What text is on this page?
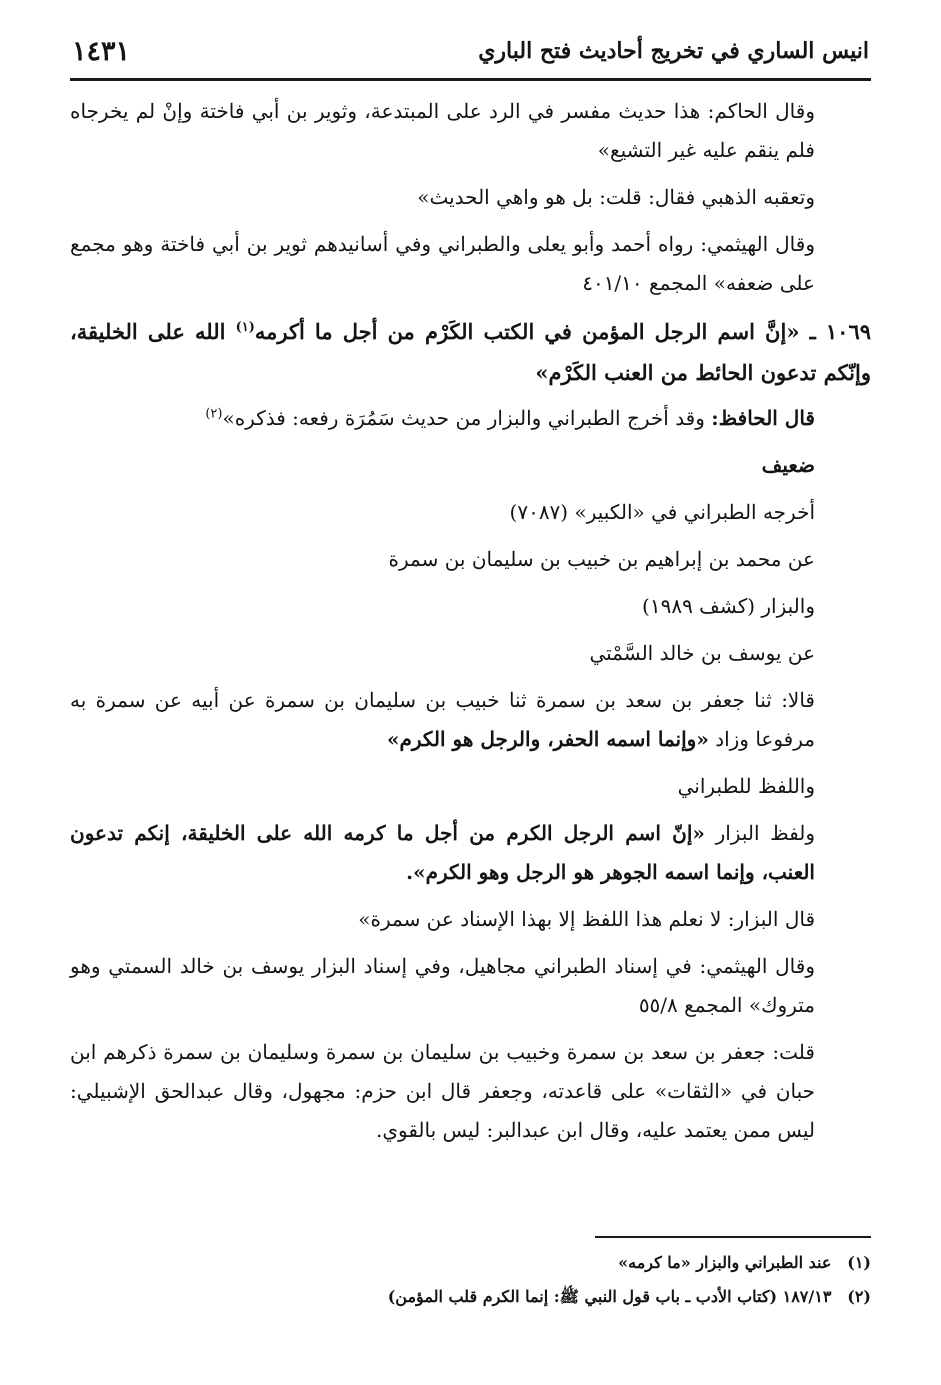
انيس الساري في تخريج أحاديث فتح الباري
١٤٣١

وقال الحاكم: هذا حديث مفسر في الرد على المبتدعة، وثوير بن أبي فاختة وإنْ لم يخرجاه فلم ينقم عليه غير التشيع»

وتعقبه الذهبي فقال: قلت: بل هو واهي الحديث»

وقال الهيثمي: رواه أحمد وأبو يعلى والطبراني وفي أسانيدهم ثوير بن أبي فاختة وهو مجمع على ضعفه» المجمع ٤٠١/١٠

١٠٦٩ ـ «إنَّ اسم الرجل المؤمن في الكتب الكَرْم من أجل ما أكرمه$^{(١)}$ الله على الخليقة، وإنّكم تدعون الحائط من العنب الكَرْم»

قال الحافظ: وقد أخرج الطبراني والبزار من حديث سَمُرَة رفعه: فذكره»$^{(٢)}$

ضعيف

أخرجه الطبراني في «الكبير» (٧٠٨٧)

عن محمد بن إبراهيم بن خبيب بن سليمان بن سمرة

والبزار (كشف ١٩٨٩)

عن يوسف بن خالد السَّمْتي

قالا: ثنا جعفر بن سعد بن سمرة ثنا خبيب بن سليمان بن سمرة عن أبيه عن سمرة به مرفوعا وزاد «وإنما اسمه الحفر، والرجل هو الكرم»

واللفظ للطبراني

ولفظ البزار «إنّ اسم الرجل الكرم من أجل ما كرمه الله على الخليقة، إنكم تدعون العنب، وإنما اسمه الجوهر هو الرجل وهو الكرم».

قال البزار: لا نعلم هذا اللفظ إلا بهذا الإسناد عن سمرة»

وقال الهيثمي: في إسناد الطبراني مجاهيل، وفي إسناد البزار يوسف بن خالد السمتي وهو متروك» المجمع ٥٥/٨

قلت: جعفر بن سعد بن سمرة وخبيب بن سليمان بن سمرة وسليمان بن سمرة ذكرهم ابن حبان في «الثقات» على قاعدته، وجعفر قال ابن حزم: مجهول، وقال عبدالحق الإشبيلي: ليس ممن يعتمد عليه، وقال ابن عبدالبر: ليس بالقوي.

(١) عند الطبراني والبزار «ما كرمه»
(٢) ١٨٧/١٣ (كتاب الأدب ـ باب قول النبي ﷺ: إنما الكرم قلب المؤمن)
